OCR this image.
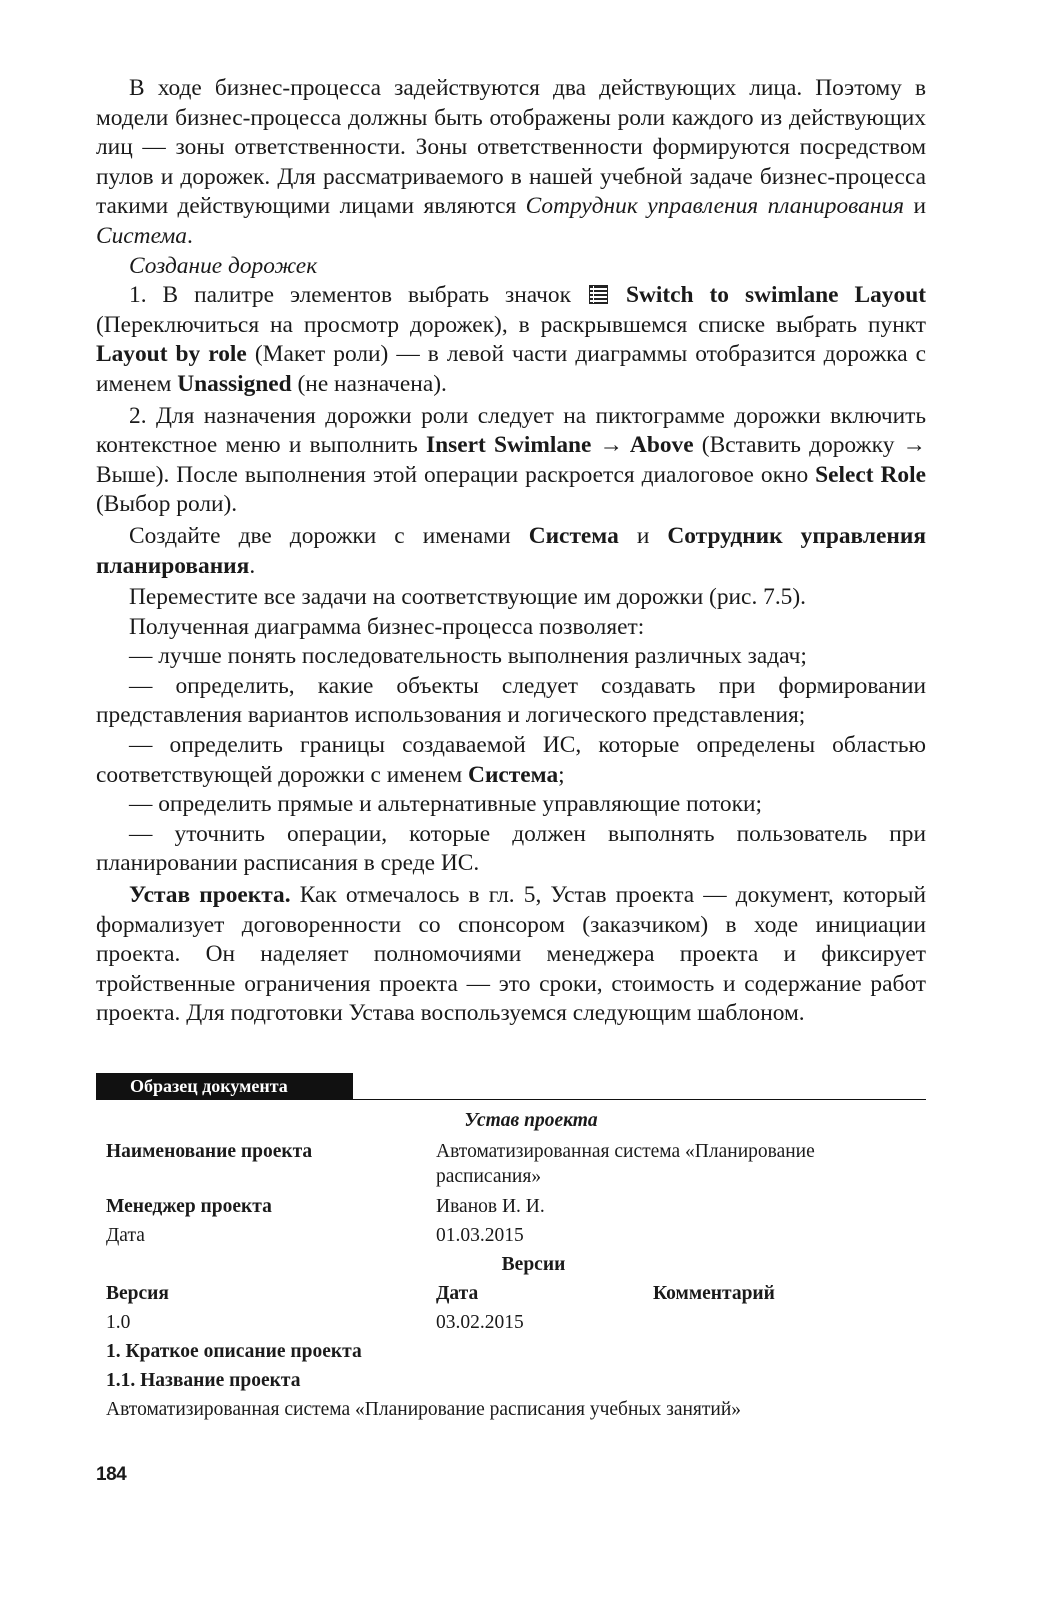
В ходе бизнес-процесса задействуются два действующих лица. Поэтому в модели бизнес-процесса должны быть отображены роли каждого из действующих лиц — зоны ответственности. Зоны ответственности формируются посредством пулов и дорожек. Для рассматриваемого в нашей учебной задаче бизнес-процесса такими действующими лицами являются Сотрудник управления планирования и Система.

Создание дорожек

1. В палитре элементов выбрать значок  Switch to swimlane Layout (Переключиться на просмотр дорожек), в раскрывшемся списке выбрать пункт Layout by role (Макет роли) — в левой части диаграммы отобразится дорожка с именем Unassigned (не назначена).

2. Для назначения дорожки роли следует на пиктограмме дорожки включить контекстное меню и выполнить Insert Swimlane → Above (Вставить дорожку → Выше). После выполнения этой операции раскроется диалоговое окно Select Role (Выбор роли).

Создайте две дорожки с именами Система и Сотрудник управления планирования.

Переместите все задачи на соответствующие им дорожки (рис. 7.5).

Полученная диаграмма бизнес-процесса позволяет:

— лучше понять последовательность выполнения различных задач;

— определить, какие объекты следует создавать при формировании представления вариантов использования и логического представления;

— определить границы создаваемой ИС, которые определены областью соответствующей дорожки с именем Система;

— определить прямые и альтернативные управляющие потоки;

— уточнить операции, которые должен выполнять пользователь при планировании расписания в среде ИС.

Устав проекта. Как отмечалось в гл. 5, Устав проекта — документ, который формализует договоренности со спонсором (заказчиком) в ходе инициации проекта. Он наделяет полномочиями менеджера проекта и фиксирует тройственные ограничения проекта — это сроки, стоимость и содержание работ проекта. Для подготовки Устава воспользуемся следующим шаблоном.

Образец документа
Устав проекта
Наименование проекта	Автоматизированная система «Планирование
расписания»
Менеджер проекта	Иванов И. И.
Дата	01.03.2015
Версии
Версия	Дата	Комментарий
1.0	03.02.2015
1. Краткое описание проекта
1.1. Название проекта
Автоматизированная система «Планирование расписания учебных занятий»
184
